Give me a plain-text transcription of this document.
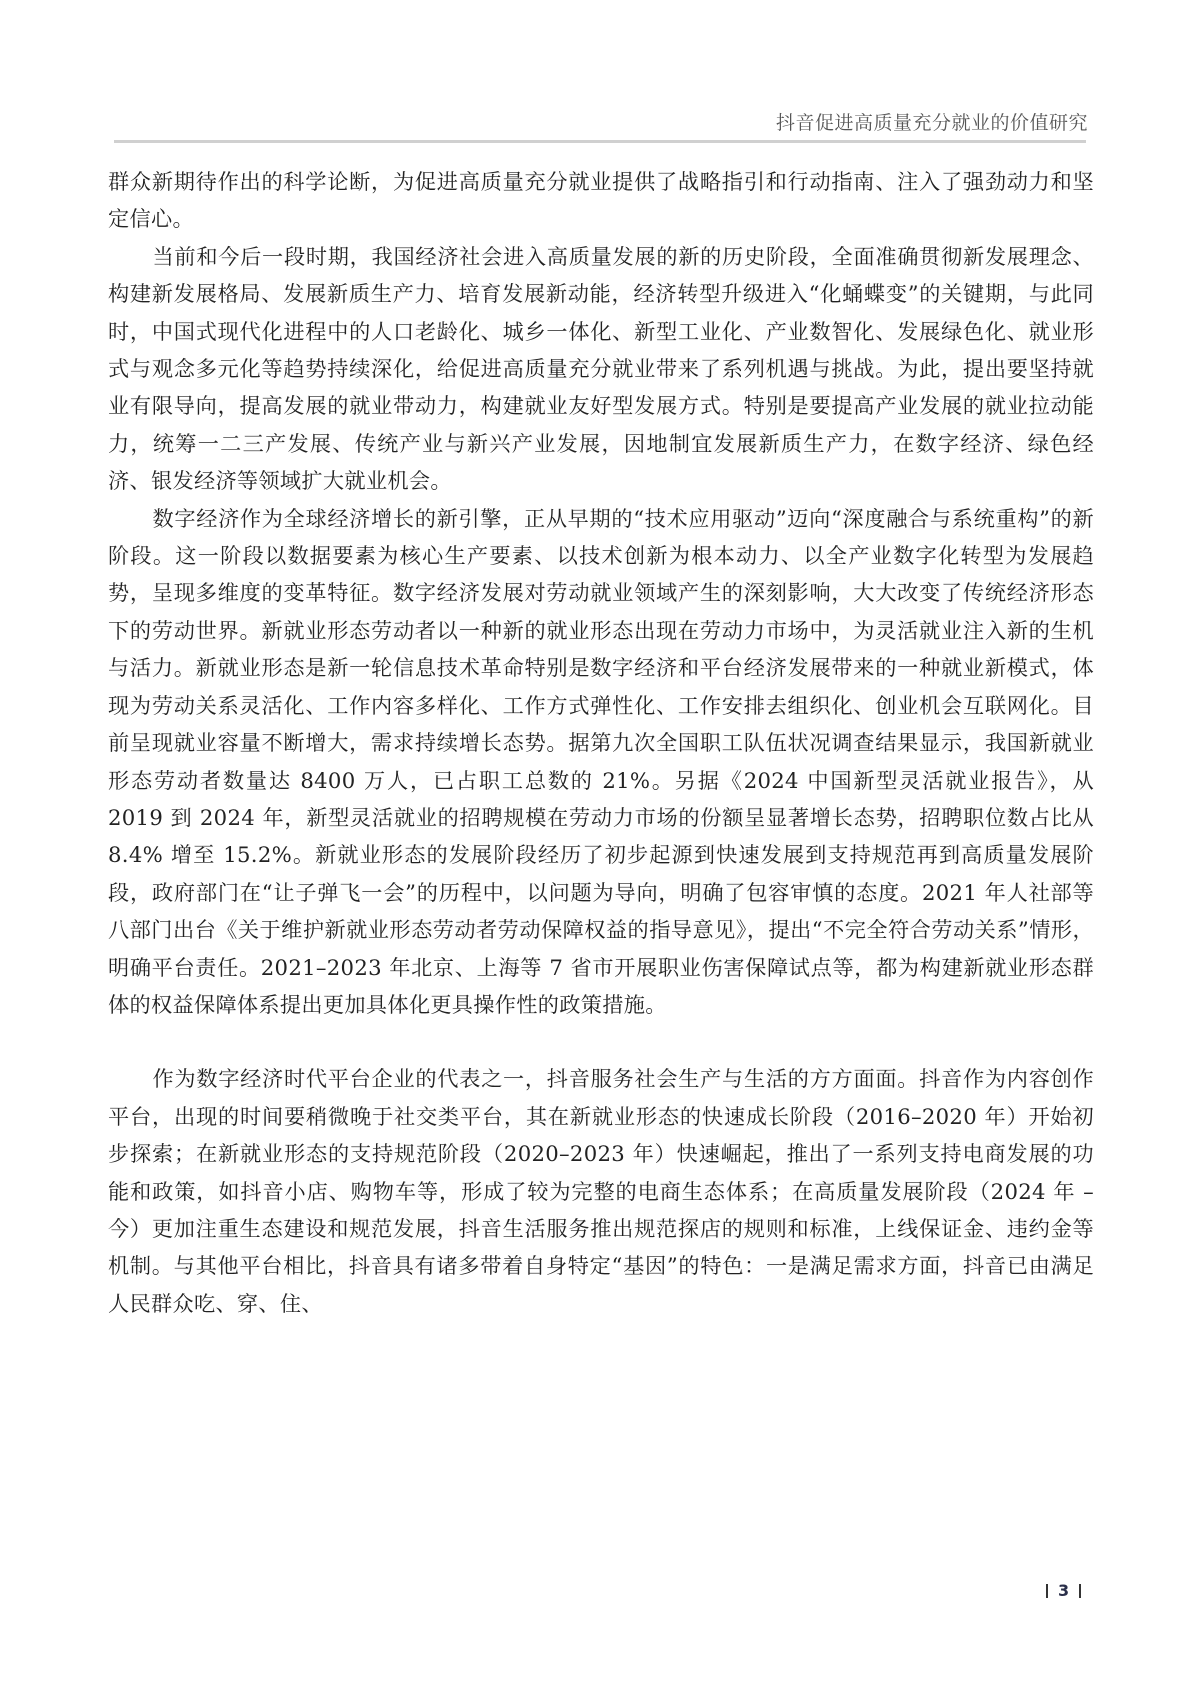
抖音促进高质量充分就业的价值研究

群众新期待作出的科学论断，为促进高质量充分就业提供了战略指引和行动指南、注入了强劲动力和坚定信心。

当前和今后一段时期，我国经济社会进入高质量发展的新的历史阶段，全面准确贯彻新发展理念、构建新发展格局、发展新质生产力、培育发展新动能，经济转型升级进入“化蛹蝶变”的关键期，与此同时，中国式现代化进程中的人口老龄化、城乡一体化、新型工业化、产业数智化、发展绿色化、就业形式与观念多元化等趋势持续深化，给促进高质量充分就业带来了系列机遇与挑战。为此，提出要坚持就业有限导向，提高发展的就业带动力，构建就业友好型发展方式。特别是要提高产业发展的就业拉动能力，统筹一二三产发展、传统产业与新兴产业发展，因地制宜发展新质生产力，在数字经济、绿色经济、银发经济等领域扩大就业机会。

数字经济作为全球经济增长的新引擎，正从早期的“技术应用驱动”迈向“深度融合与系统重构”的新阶段。这一阶段以数据要素为核心生产要素、以技术创新为根本动力、以全产业数字化转型为发展趋势，呈现多维度的变革特征。数字经济发展对劳动就业领域产生的深刻影响，大大改变了传统经济形态下的劳动世界。新就业形态劳动者以一种新的就业形态出现在劳动力市场中，为灵活就业注入新的生机与活力。新就业形态是新一轮信息技术革命特别是数字经济和平台经济发展带来的一种就业新模式，体现为劳动关系灵活化、工作内容多样化、工作方式弹性化、工作安排去组织化、创业机会互联网化。目前呈现就业容量不断增大，需求持续增长态势。据第九次全国职工队伍状况调查结果显示，我国新就业形态劳动者数量达 8400 万人，已占职工总数的 21%。另据《2024 中国新型灵活就业报告》，从 2019 到 2024 年，新型灵活就业的招聘规模在劳动力市场的份额呈显著增长态势，招聘职位数占比从 8.4% 增至 15.2%。新就业形态的发展阶段经历了初步起源到快速发展到支持规范再到高质量发展阶段，政府部门在“让子弹飞一会”的历程中，以问题为导向，明确了包容审慎的态度。2021 年人社部等八部门出台《关于维护新就业形态劳动者劳动保障权益的指导意见》，提出“不完全符合劳动关系”情形，明确平台责任。2021–2023 年北京、上海等 7 省市开展职业伤害保障试点等，都为构建新就业形态群体的权益保障体系提出更加具体化更具操作性的政策措施。

作为数字经济时代平台企业的代表之一，抖音服务社会生产与生活的方方面面。抖音作为内容创作平台，出现的时间要稍微晚于社交类平台，其在新就业形态的快速成长阶段（2016–2020 年）开始初步探索；在新就业形态的支持规范阶段（2020–2023 年）快速崛起，推出了一系列支持电商发展的功能和政策，如抖音小店、购物车等，形成了较为完整的电商生态体系；在高质量发展阶段（2024 年 – 今）更加注重生态建设和规范发展，抖音生活服务推出规范探店的规则和标准，上线保证金、违约金等机制。与其他平台相比，抖音具有诸多带着自身特定“基因”的特色：一是满足需求方面，抖音已由满足人民群众吃、穿、住、

3
